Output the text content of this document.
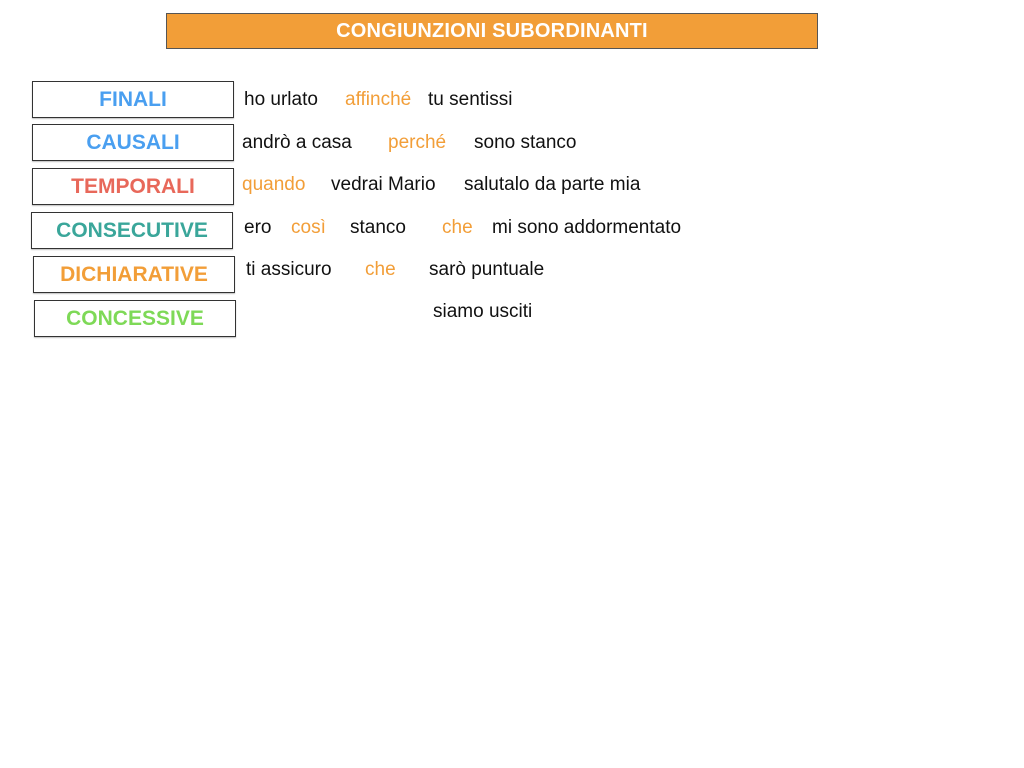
CONGIUNZIONI SUBORDINANTI
FINALI
CAUSALI
TEMPORALI
CONSECUTIVE
DICHIARATIVE
CONCESSIVE
ho urlato affinché tu sentissi
andrò a casa perché sono stanco
quando vedrai Mario salutalo da parte mia
ero così stanco che mi sono addormentato
ti assicuro che sarò puntuale
siamo usciti
